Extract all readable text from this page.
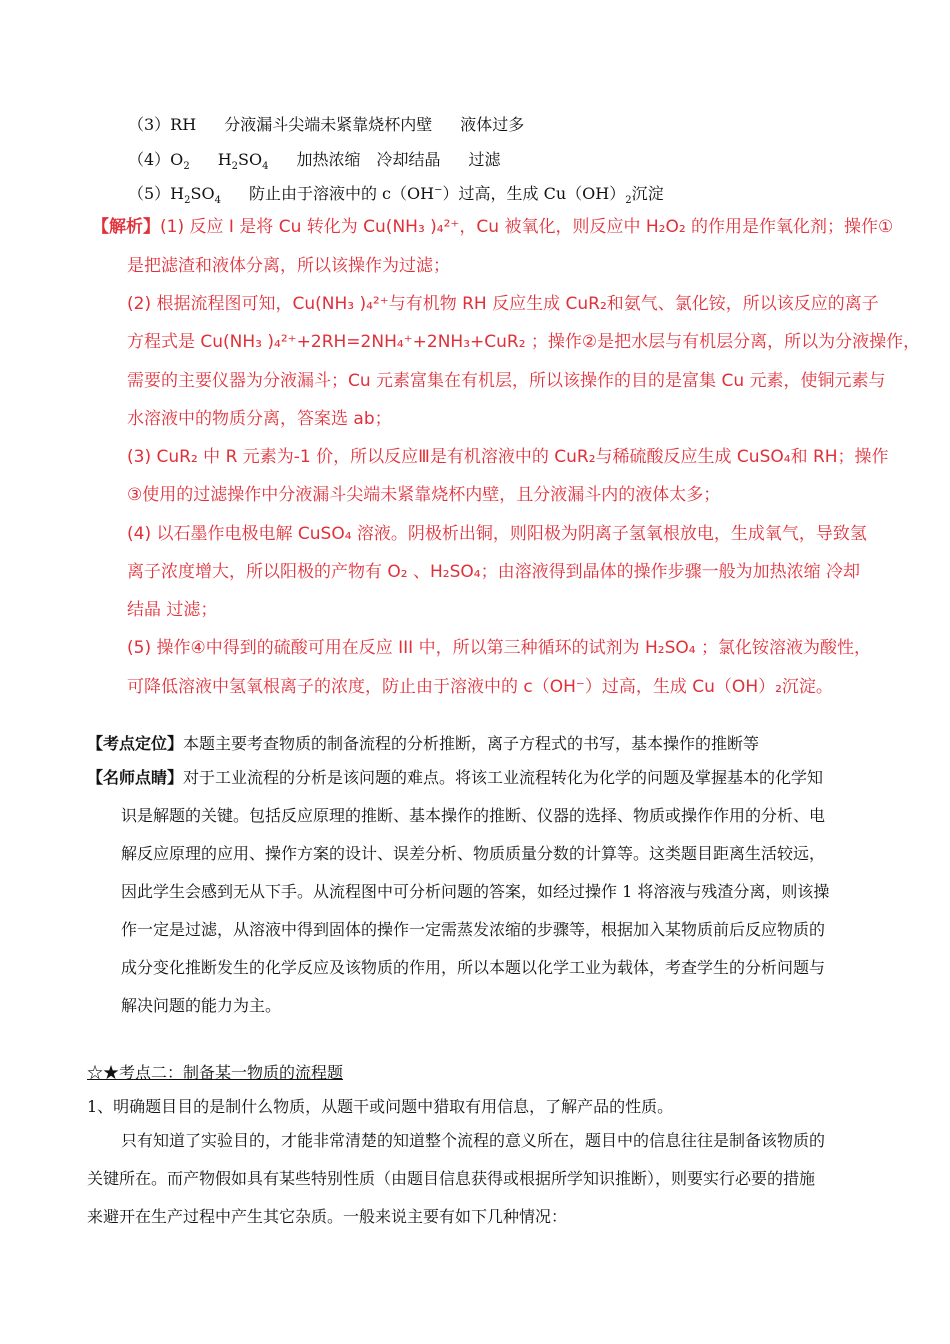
（3）RH 分液漏斗尖端未紧靠烧杯内壁 液体过多
$(4)O_2$ $H_2SO_4$ 加热浓缩 冷却结晶 过滤
$(5)H_2SO_4$ 防止由于溶液中的 c（OH−）过高，生成 $Cu(OH)_2$沉淀
【解析】(1) 反应 I 是将 Cu 转化为 Cu(NH₃ )₄²⁺，Cu 被氧化，则反应中 H₂O₂ 的作用是作氧化剂；操作①
是把滤渣和液体分离，所以该操作为过滤；
(2) 根据流程图可知，Cu(NH₃ )₄²⁺与有机物 RH 反应生成 CuR₂和氨气、氯化铵，所以该反应的离子
方程式是 Cu(NH₃ )₄²⁺+2RH=2NH₄⁺+2NH₃+CuR₂ ；操作②是把水层与有机层分离，所以为分液操作，
需要的主要仪器为分液漏斗；Cu 元素富集在有机层，所以该操作的目的是富集 Cu 元素，使铜元素与
水溶液中的物质分离，答案选 ab；
(3) CuR₂ 中 R 元素为-1 价，所以反应Ⅲ是有机溶液中的 CuR₂与稀硫酸反应生成 CuSO₄和 RH；操作
③使用的过滤操作中分液漏斗尖端未紧靠烧杯内壁，且分液漏斗内的液体太多；
(4) 以石墨作电极电解 CuSO₄ 溶液。阴极析出铜，则阳极为阴离子氢氧根放电，生成氧气，导致氢
离子浓度增大，所以阳极的产物有 O₂ 、H₂SO₄；由溶液得到晶体的操作步骤一般为加热浓缩 冷却
结晶 过滤；
(5) 操作④中得到的硫酸可用在反应 III 中，所以第三种循环的试剂为 H₂SO₄ ；氯化铵溶液为酸性，
可降低溶液中氢氧根离子的浓度，防止由于溶液中的 c（OH⁻）过高，生成 Cu（OH）₂沉淀。
【考点定位】本题主要考查物质的制备流程的分析推断，离子方程式的书写，基本操作的推断等
【名师点睛】对于工业流程的分析是该问题的难点。将该工业流程转化为化学的问题及掌握基本的化学知
识是解题的关键。包括反应原理的推断、基本操作的推断、仪器的选择、物质或操作作用的分析、电
解反应原理的应用、操作方案的设计、误差分析、物质质量分数的计算等。这类题目距离生活较远，
因此学生会感到无从下手。从流程图中可分析问题的答案，如经过操作 1 将溶液与残渣分离，则该操
作一定是过滤，从溶液中得到固体的操作一定需蒸发浓缩的步骤等，根据加入某物质前后反应物质的
成分变化推断发生的化学反应及该物质的作用，所以本题以化学工业为载体，考查学生的分析问题与
解决问题的能力为主。
☆★考点二：制备某一物质的流程题
1、明确题目目的是制什么物质，从题干或问题中猎取有用信息，了解产品的性质。
只有知道了实验目的，才能非常清楚的知道整个流程的意义所在，题目中的信息往往是制备该物质的
关键所在。而产物假如具有某些特别性质（由题目信息获得或根据所学知识推断），则要实行必要的措施
来避开在生产过程中产生其它杂质。一般来说主要有如下几种情况：
